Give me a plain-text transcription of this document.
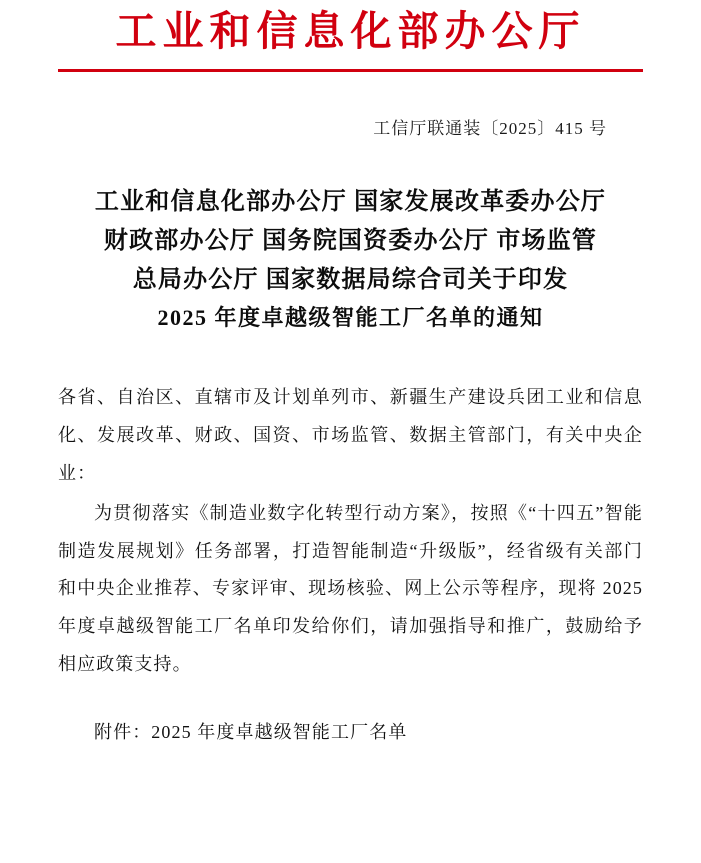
工业和信息化部办公厅
工信厅联通装〔2025〕415 号
工业和信息化部办公厅 国家发展改革委办公厅
财政部办公厅 国务院国资委办公厅 市场监管
总局办公厅 国家数据局综合司关于印发
2025 年度卓越级智能工厂名单的通知
各省、自治区、直辖市及计划单列市、新疆生产建设兵团工业和信息化、发展改革、财政、国资、市场监管、数据主管部门，有关中央企业：
为贯彻落实《制造业数字化转型行动方案》，按照《“十四五”智能制造发展规划》任务部署，打造智能制造“升级版”，经省级有关部门和中央企业推荐、专家评审、现场核验、网上公示等程序，现将 2025 年度卓越级智能工厂名单印发给你们，请加强指导和推广，鼓励给予相应政策支持。
附件：2025 年度卓越级智能工厂名单
